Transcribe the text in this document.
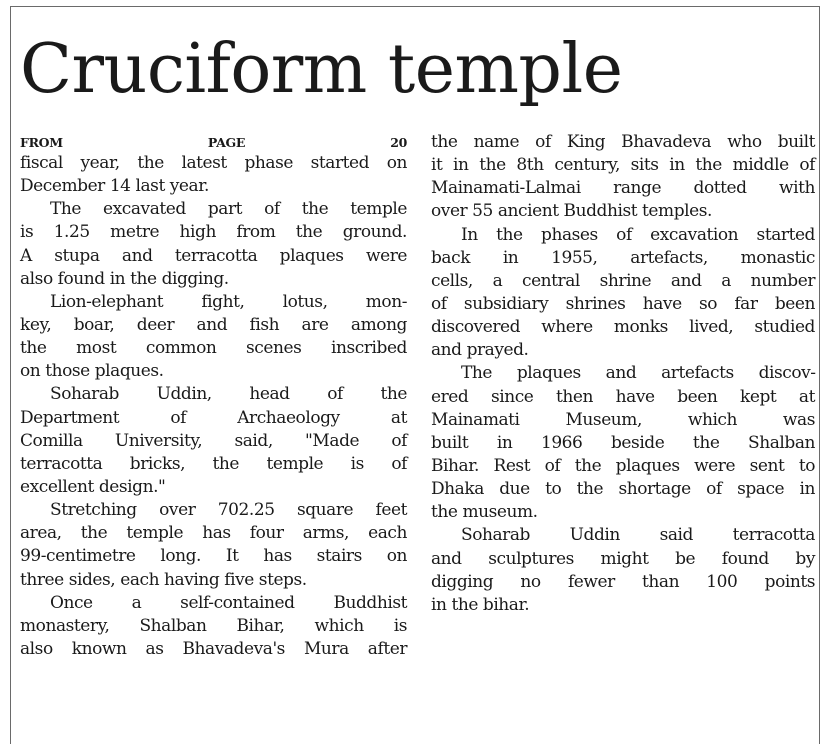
Cruciform temple
FROM PAGE 20
fiscal year, the latest phase started on
December 14 last year.
The excavated part of the temple
is 1.25 metre high from the ground.
A stupa and terracotta plaques were
also found in the digging.
Lion-elephant fight, lotus, mon-
key, boar, deer and fish are among
the most common scenes inscribed
on those plaques.
Soharab Uddin, head of the
Department of Archaeology at
Comilla University, said, "Made of
terracotta bricks, the temple is of
excellent design."
Stretching over 702.25 square feet
area, the temple has four arms, each
99-centimetre long. It has stairs on
three sides, each having five steps.
Once a self-contained Buddhist
monastery, Shalban Bihar, which is
also known as Bhavadeva's Mura after
the name of King Bhavadeva who built
it in the 8th century, sits in the middle of
Mainamati-Lalmai range dotted with
over 55 ancient Buddhist temples.
In the phases of excavation started
back in 1955, artefacts, monastic
cells, a central shrine and a number
of subsidiary shrines have so far been
discovered where monks lived, studied
and prayed.
The plaques and artefacts discov-
ered since then have been kept at
Mainamati Museum, which was
built in 1966 beside the Shalban
Bihar. Rest of the plaques were sent to
Dhaka due to the shortage of space in
the museum.
Soharab Uddin said terracotta
and sculptures might be found by
digging no fewer than 100 points
in the bihar.
